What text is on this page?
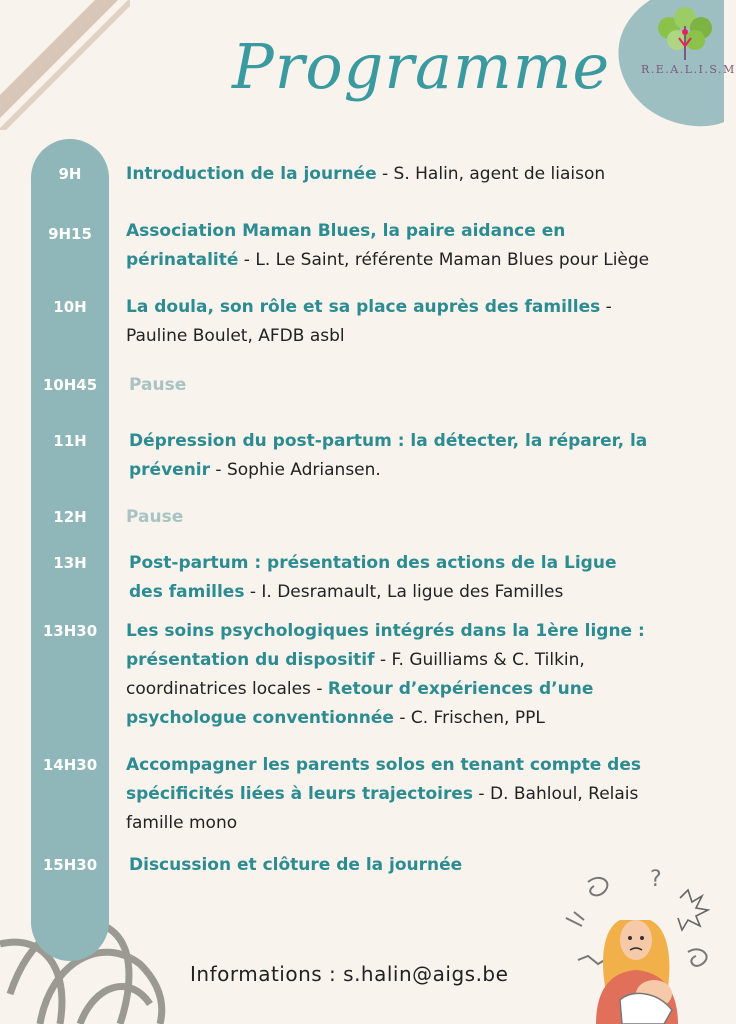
Programme	R.E.A.L.I.S.M
9H
9H15
10H
10H45
11H
12H
13H
13H30
14H30
15H30
Introduction de la journée - S. Halin, agent de liaison
Association Maman Blues, la paire aidance en périnatalité - L. Le Saint, référente Maman Blues pour Liège
La doula, son rôle et sa place auprès des familles - Pauline Boulet, AFDB asbl
Pause
Dépression du post-partum : la détecter, la réparer, la prévenir - Sophie Adriansen.
Pause
Post-partum : présentation des actions de la Ligue des familles - I. Desramault, La ligue des Familles
Les soins psychologiques intégrés dans la 1ère ligne : présentation du dispositif - F. Guilliams & C. Tilkin, coordinatrices locales - Retour d’expériences d’une psychologue conventionnée - C. Frischen, PPL
Accompagner les parents solos en tenant compte des spécificités liées à leurs trajectoires - D. Bahloul, Relais famille mono
Discussion et clôture de la journée
?
Informations : s.halin@aigs.be
